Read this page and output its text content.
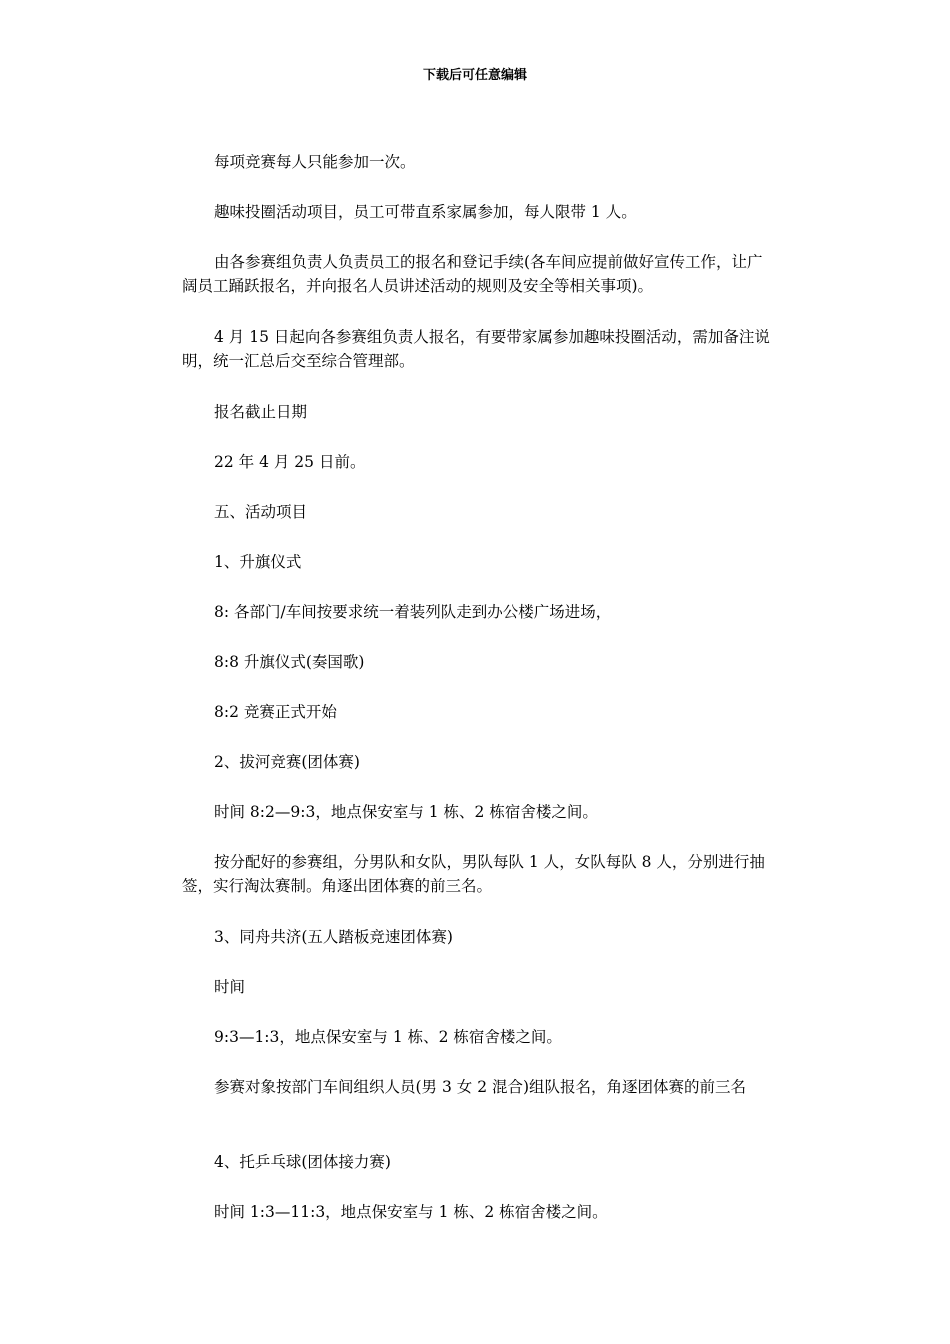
下载后可任意编辑

每项竞赛每人只能参加一次。

趣味投圈活动项目，员工可带直系家属参加，每人限带 1 人。

由各参赛组负责人负责员工的报名和登记手续(各车间应提前做好宣传工作，让广阔员工踊跃报名，并向报名人员讲述活动的规则及安全等相关事项)。

4 月 15 日起向各参赛组负责人报名，有要带家属参加趣味投圈活动，需加备注说明，统一汇总后交至综合管理部。

报名截止日期

22 年 4 月 25 日前。

五、活动项目

1、升旗仪式

8: 各部门/车间按要求统一着装列队走到办公楼广场进场，

8:8 升旗仪式(奏国歌)

8:2 竞赛正式开始

2、拔河竞赛(团体赛)

时间 8:2—9:3，地点保安室与 1 栋、2 栋宿舍楼之间。

按分配好的参赛组，分男队和女队，男队每队 1 人，女队每队 8 人，分别进行抽签，实行淘汰赛制。角逐出团体赛的前三名。

3、同舟共济(五人踏板竞速团体赛)

时间

9:3—1:3，地点保安室与 1 栋、2 栋宿舍楼之间。

参赛对象按部门车间组织人员(男 3 女 2 混合)组队报名，角逐团体赛的前三名

4、托乒乓球(团体接力赛)

时间 1:3—11:3，地点保安室与 1 栋、2 栋宿舍楼之间。
